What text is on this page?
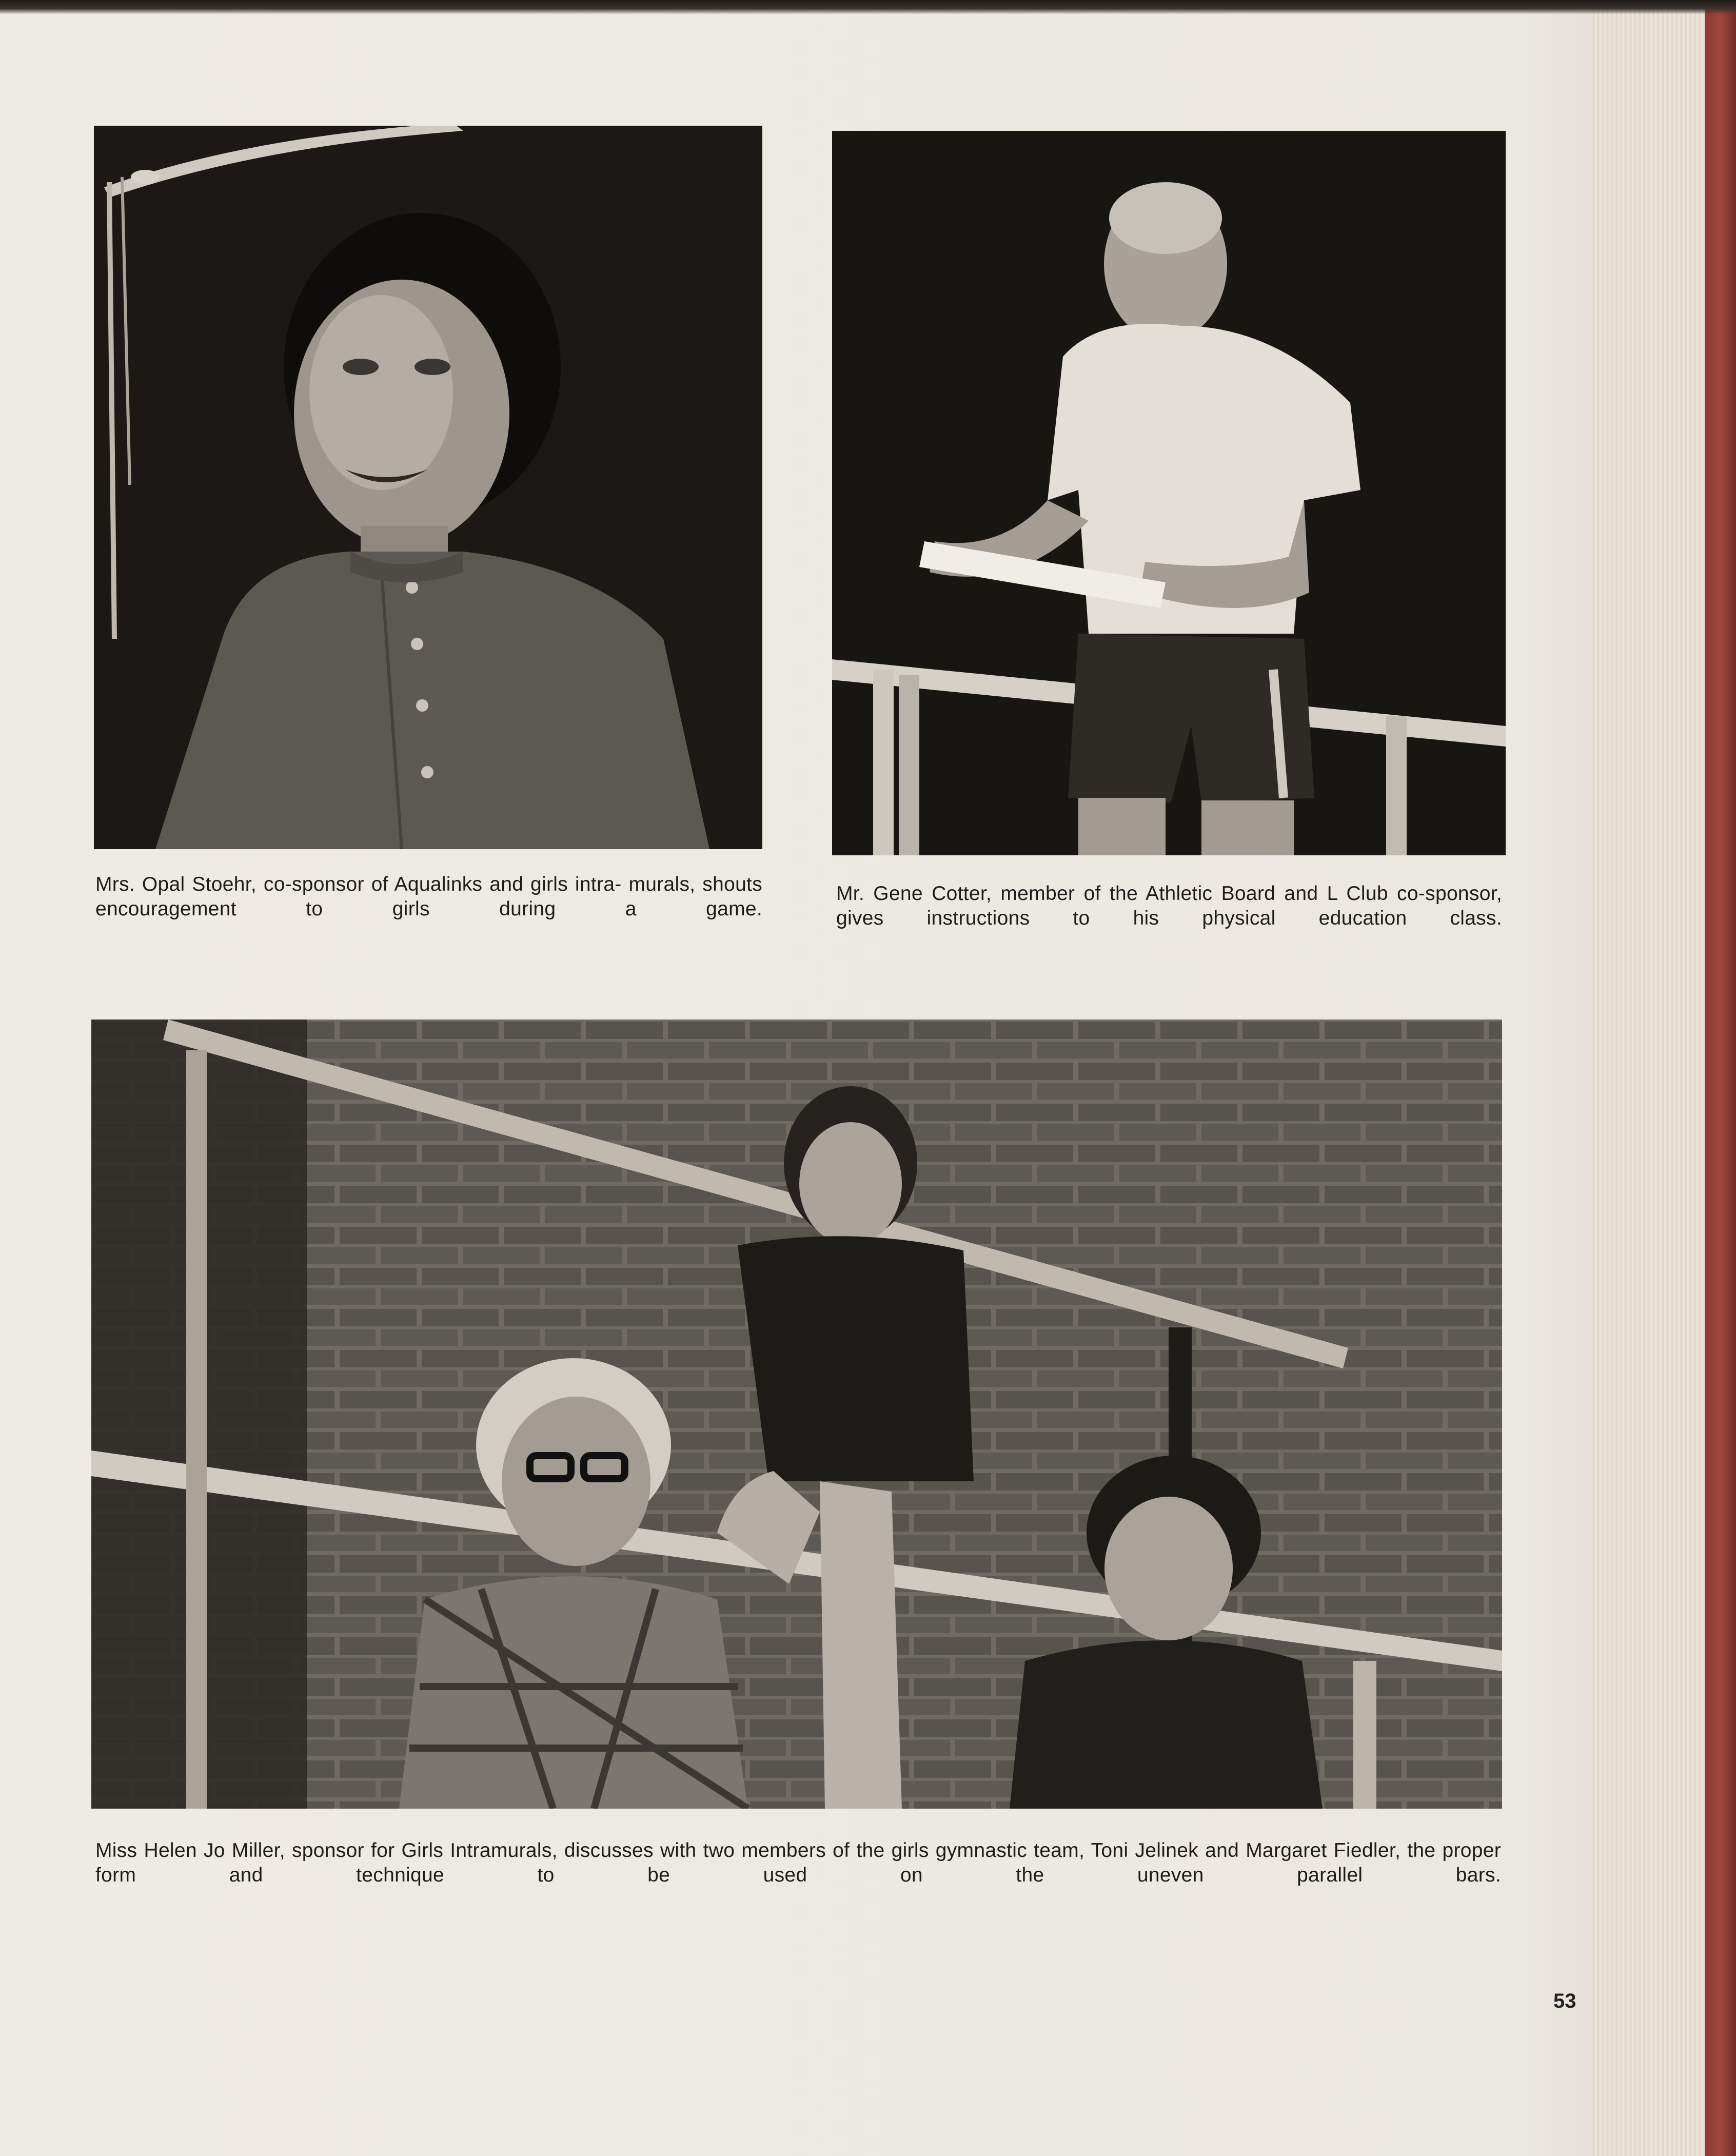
Mrs. Opal Stoehr, co-sponsor of Aqualinks and girls intra- murals, shouts encouragement to girls during a game.

Mr. Gene Cotter, member of the Athletic Board and L Club co-sponsor, gives instructions to his physical education class.

Miss Helen Jo Miller, sponsor for Girls Intramurals, discusses with two members of the girls gymnastic team, Toni Jelinek and Margaret Fiedler, the proper form and technique to be used on the uneven parallel bars.

53
